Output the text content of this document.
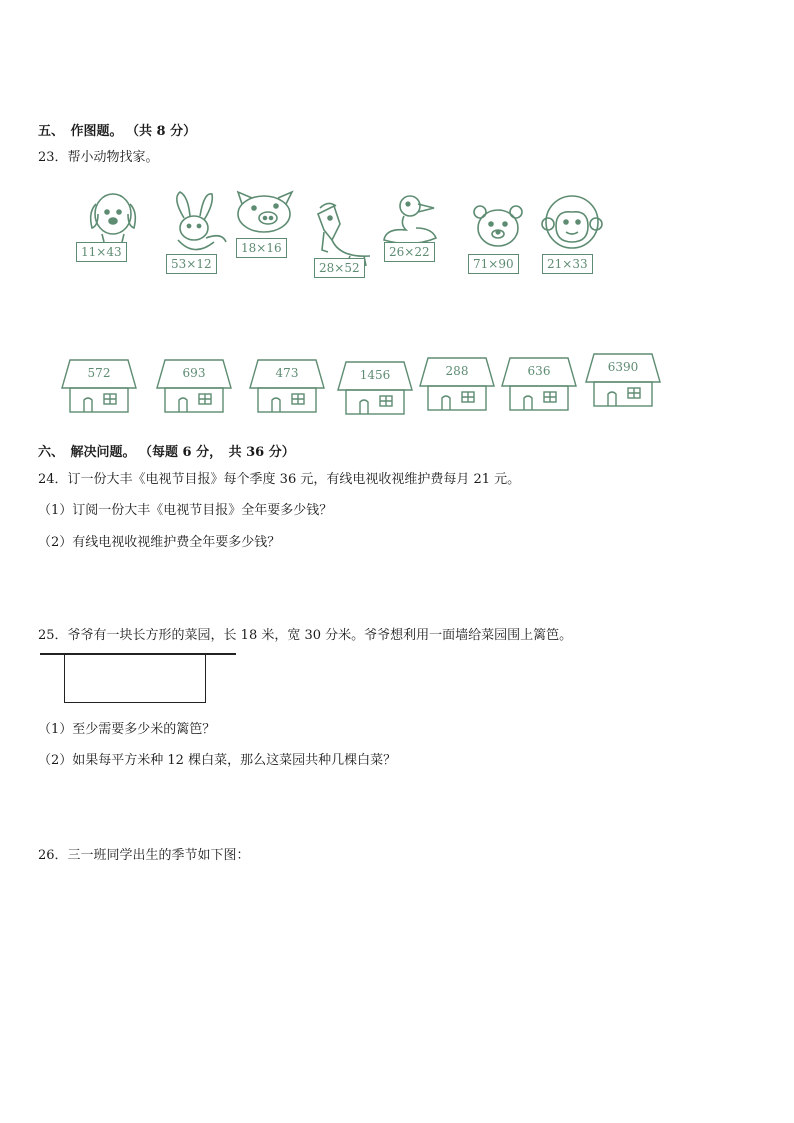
五、　作图题。 （共 8 分）
23．帮小动物找家。
11×43
53×12
18×16
28×52
26×22
71×90	21×33
572	693	473	1456	288	636	6390
六、　解决问题。 （每题 6 分，　共 36 分）
24．订一份大丰《电视节目报》每个季度 36 元，有线电视收视维护费每月 21 元。
（1）订阅一份大丰《电视节目报》全年要多少钱？
（2）有线电视收视维护费全年要多少钱？
25．爷爷有一块长方形的菜园，长 18 米，宽 30 分米。爷爷想利用一面墙给菜园围上篱笆。
（1）至少需要多少米的篱笆？
（2）如果每平方米种 12 棵白菜，那么这菜园共种几棵白菜？
26．三一班同学出生的季节如下图：
